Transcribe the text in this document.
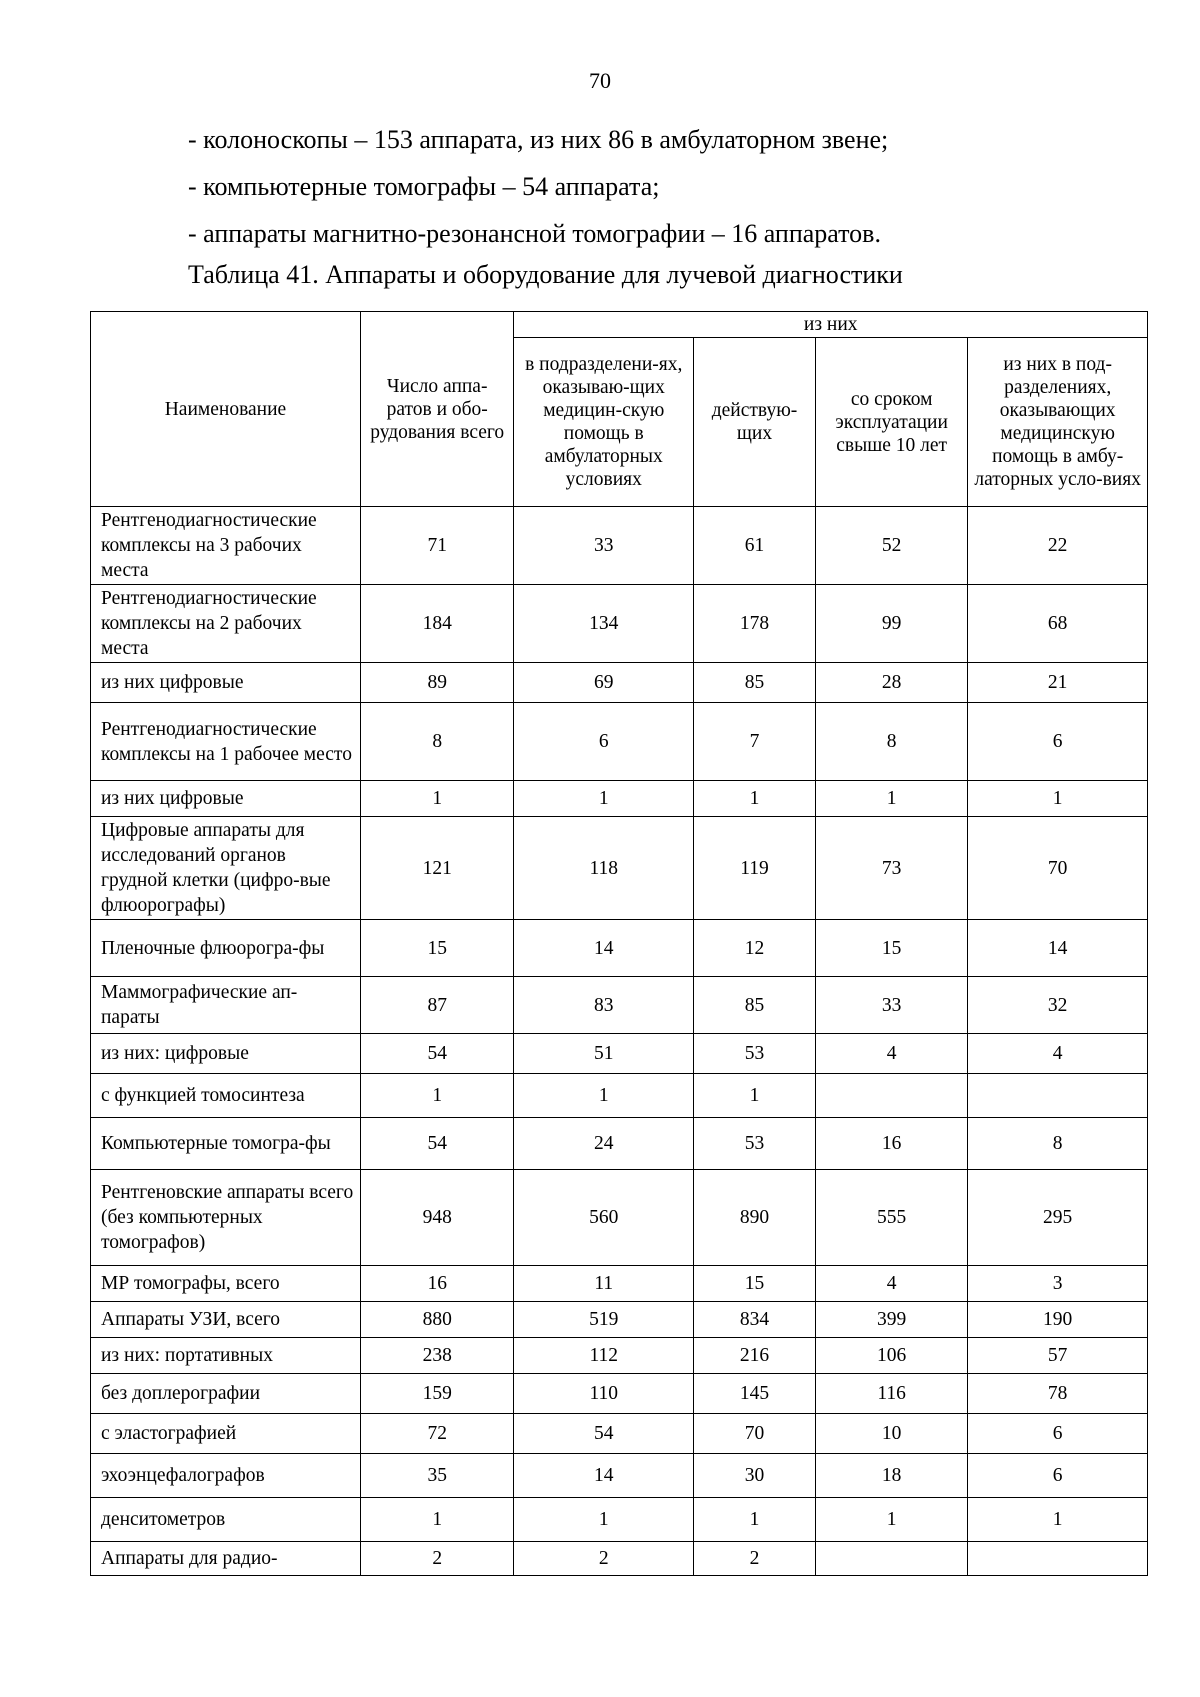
70
- колоноскопы – 153 аппарата, из них 86 в амбулаторном звене;
- компьютерные томографы – 54 аппарата;
- аппараты магнитно-резонансной томографии – 16 аппаратов.
Таблица 41. Аппараты и оборудование для лучевой диагностики
Наименование	Число аппа-ратов и обо-рудования всего	из них			
		в подразделени-ях, оказываю-щих медицин-скую помощь в амбулаторных условиях	действую-щих	со сроком эксплуатации свыше 10 лет	из них в под-разделениях, оказывающих медицинскую помощь в амбу-латорных усло-виях
Рентгенодиагностические комплексы на 3 рабочих места	71	33	61	52	22
Рентгенодиагностические комплексы на 2 рабочих места	184	134	178	99	68
из них цифровые	89	69	85	28	21
Рентгенодиагностические комплексы на 1 рабочее место	8	6	7	8	6
из них цифровые	1	1	1	1	1
Цифровые аппараты для исследований органов грудной клетки (цифро-вые флюорографы)	121	118	119	73	70
Пленочные флюорогра-фы	15	14	12	15	14
Маммографические ап-параты	87	83	85	33	32
из них: цифровые	54	51	53	4	4
с функцией томосинтеза	1	1	1		
Компьютерные томогра-фы	54	24	53	16	8
Рентгеновские аппараты всего (без компьютерных томографов)	948	560	890	555	295
МР томографы, всего	16	11	15	4	3
Аппараты УЗИ, всего	880	519	834	399	190
из них: портативных	238	112	216	106	57
без доплерографии	159	110	145	116	78
с эластографией	72	54	70	10	6
эхоэнцефалографов	35	14	30	18	6
денситометров	1	1	1	1	1
Аппараты для радио-	2	2	2		
